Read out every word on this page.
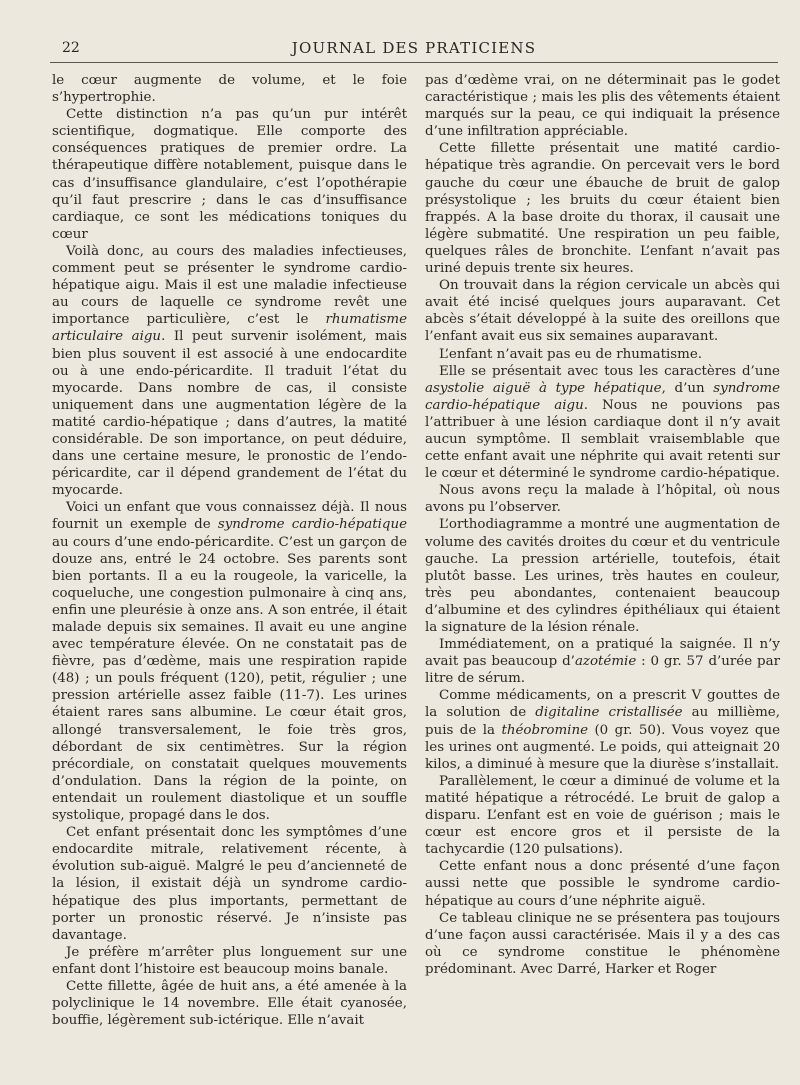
22	JOURNAL DES PRATICIENS

le cœur augmente de volume, et le foie s’hypertrophie.

Cette distinction n’a pas qu’un pur intérêt scientifique, dogmatique. Elle comporte des conséquences pratiques de premier ordre. La thérapeutique diffère notablement, puisque dans le cas d’insuffisance glandulaire, c’est l’opothérapie qu’il faut prescrire ; dans le cas d’insuffisance cardiaque, ce sont les médications toniques du cœur

Voilà donc, au cours des maladies infectieuses, comment peut se présenter le syndrome cardio-hépatique aigu. Mais il est une maladie infectieuse au cours de laquelle ce syndrome revêt une importance particulière, c’est le rhumatisme articulaire aigu. Il peut survenir isolément, mais bien plus souvent il est associé à une endocardite ou à une endo-péricardite. Il traduit l’état du myocarde. Dans nombre de cas, il consiste uniquement dans une augmentation légère de la matité cardio-hépatique ; dans d’autres, la matité considérable. De son importance, on peut déduire, dans une certaine mesure, le pronostic de l’endo-péricardite, car il dépend grandement de l’état du myocarde.

Voici un enfant que vous connaissez déjà. Il nous fournit un exemple de syndrome cardio-hépatique au cours d’une endo-péricardite. C’est un garçon de douze ans, entré le 24 octobre. Ses parents sont bien portants. Il a eu la rougeole, la varicelle, la coqueluche, une congestion pulmonaire à cinq ans, enfin une pleurésie à onze ans. A son entrée, il était malade depuis six semaines. Il avait eu une angine avec température élevée. On ne constatait pas de fièvre, pas d’œdème, mais une respiration rapide (48) ; un pouls fréquent (120), petit, régulier ; une pression artérielle assez faible (11-7). Les urines étaient rares sans albumine. Le cœur était gros, allongé transversalement, le foie très gros, débordant de six centimètres. Sur la région précordiale, on constatait quelques mouvements d’ondulation. Dans la région de la pointe, on entendait un roulement diastolique et un souffle systolique, propagé dans le dos.

Cet enfant présentait donc les symptômes d’une endocardite mitrale, relativement récente, à évolution sub-aiguë. Malgré le peu d’ancienneté de la lésion, il existait déjà un syndrome cardio-hépatique des plus importants, permettant de porter un pronostic réservé. Je n’insiste pas davantage.

Je préfère m’arrêter plus longuement sur une enfant dont l’histoire est beaucoup moins banale.

Cette fillette, âgée de huit ans, a été amenée à la polyclinique le 14 novembre. Elle était cyanosée, bouffie, légèrement sub-ictérique. Elle n’avait

pas d’œdème vrai, on ne déterminait pas le godet caractéristique ; mais les plis des vêtements étaient marqués sur la peau, ce qui indiquait la présence d’une infiltration appréciable.

Cette fillette présentait une matité cardio-hépatique très agrandie. On percevait vers le bord gauche du cœur une ébauche de bruit de galop présystolique ; les bruits du cœur étaient bien frappés. A la base droite du thorax, il causait une légère submatité. Une respiration un peu faible, quelques râles de bronchite. L’enfant n’avait pas uriné depuis trente six heures.

On trouvait dans la région cervicale un abcès qui avait été incisé quelques jours auparavant. Cet abcès s’était développé à la suite des oreillons que l’enfant avait eus six semaines auparavant.

L’enfant n’avait pas eu de rhumatisme.

Elle se présentait avec tous les caractères d’une asystolie aiguë à type hépatique, d’un syndrome cardio-hépatique aigu. Nous ne pouvions pas l’attribuer à une lésion cardiaque dont il n’y avait aucun symptôme. Il semblait vraisemblable que cette enfant avait une néphrite qui avait retenti sur le cœur et déterminé le syndrome cardio-hépatique.

Nous avons reçu la malade à l’hôpital, où nous avons pu l’observer.

L’orthodiagramme a montré une augmentation de volume des cavités droites du cœur et du ventricule gauche. La pression artérielle, toutefois, était plutôt basse. Les urines, très hautes en couleur, très peu abondantes, contenaient beaucoup d’albumine et des cylindres épithéliaux qui étaient la signature de la lésion rénale.

Immédiatement, on a pratiqué la saignée. Il n’y avait pas beaucoup d’azotémie : 0 gr. 57 d’urée par litre de sérum.

Comme médicaments, on a prescrit V gouttes de la solution de digitaline cristallisée au millième, puis de la théobromine (0 gr. 50). Vous voyez que les urines ont augmenté. Le poids, qui atteignait 20 kilos, a diminué à mesure que la diurèse s’installait.

Parallèlement, le cœur a diminué de volume et la matité hépatique a rétrocédé. Le bruit de galop a disparu. L’enfant est en voie de guérison ; mais le cœur est encore gros et il persiste de la tachycardie (120 pulsations).

Cette enfant nous a donc présenté d’une façon aussi nette que possible le syndrome cardio-hépatique au cours d’une néphrite aiguë.

Ce tableau clinique ne se présentera pas toujours d’une façon aussi caractérisée. Mais il y a des cas où ce syndrome constitue le phénomène prédominant. Avec Darré, Harker et Roger
